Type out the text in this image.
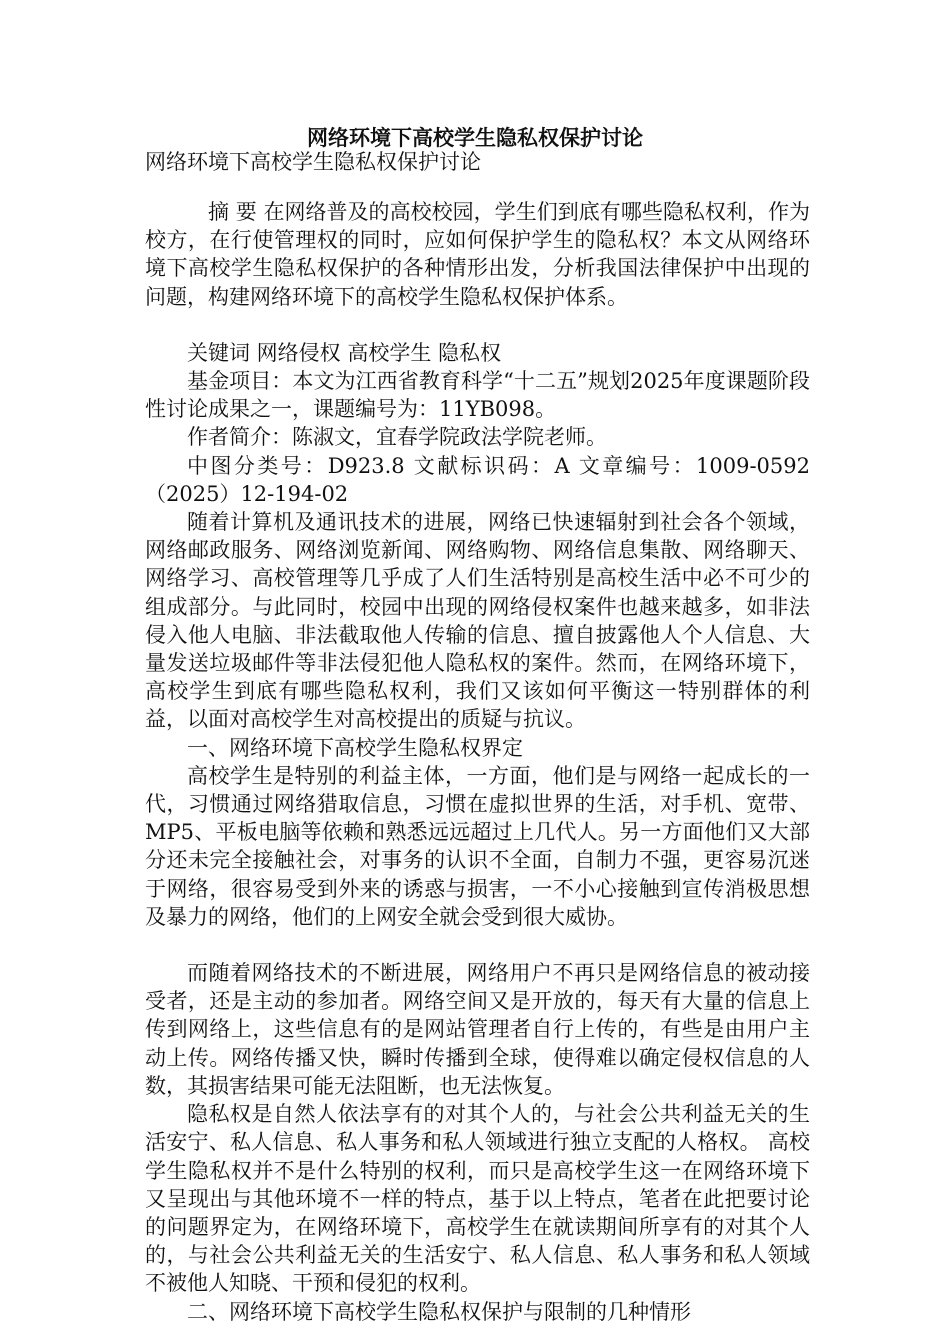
网络环境下高校学生隐私权保护讨论
网络环境下高校学生隐私权保护讨论

摘 要 在网络普及的高校校园，学生们到底有哪些隐私权利，作为校方，在行使管理权的同时，应如何保护学生的隐私权？本文从网络环境下高校学生隐私权保护的各种情形出发，分析我国法律保护中出现的问题，构建网络环境下的高校学生隐私权保护体系。

关键词 网络侵权 高校学生 隐私权

基金项目：本文为江西省教育科学“十二五”规划2025年度课题阶段性讨论成果之一，课题编号为：11YB098。

作者简介：陈淑文，宜春学院政法学院老师。

中图分类号：D923.8 文献标识码：A 文章编号：1009-0592（2025）12-194-02

随着计算机及通讯技术的进展，网络已快速辐射到社会各个领域，网络邮政服务、网络浏览新闻、网络购物、网络信息集散、网络聊天、网络学习、高校管理等几乎成了人们生活特别是高校生活中必不可少的组成部分。与此同时，校园中出现的网络侵权案件也越来越多，如非法侵入他人电脑、非法截取他人传输的信息、擅自披露他人个人信息、大量发送垃圾邮件等非法侵犯他人隐私权的案件。然而，在网络环境下，高校学生到底有哪些隐私权利，我们又该如何平衡这一特别群体的利益，以面对高校学生对高校提出的质疑与抗议。

一、网络环境下高校学生隐私权界定

高校学生是特别的利益主体，一方面，他们是与网络一起成长的一代，习惯通过网络猎取信息，习惯在虚拟世界的生活，对手机、宽带、MP5、平板电脑等依赖和熟悉远远超过上几代人。另一方面他们又大部分还未完全接触社会，对事务的认识不全面，自制力不强，更容易沉迷于网络，很容易受到外来的诱惑与损害，一不小心接触到宣传消极思想及暴力的网络，他们的上网安全就会受到很大威协。

而随着网络技术的不断进展，网络用户不再只是网络信息的被动接受者，还是主动的参加者。网络空间又是开放的，每天有大量的信息上传到网络上，这些信息有的是网站管理者自行上传的，有些是由用户主动上传。网络传播又快，瞬时传播到全球，使得难以确定侵权信息的人数，其损害结果可能无法阻断，也无法恢复。

隐私权是自然人依法享有的对其个人的，与社会公共利益无关的生活安宁、私人信息、私人事务和私人领域进行独立支配的人格权。 高校学生隐私权并不是什么特别的权利，而只是高校学生这一在网络环境下又呈现出与其他环境不一样的特点，基于以上特点，笔者在此把要讨论的问题界定为，在网络环境下，高校学生在就读期间所享有的对其个人的，与社会公共利益无关的生活安宁、私人信息、私人事务和私人领域不被他人知晓、干预和侵犯的权利。

二、网络环境下高校学生隐私权保护与限制的几种情形
